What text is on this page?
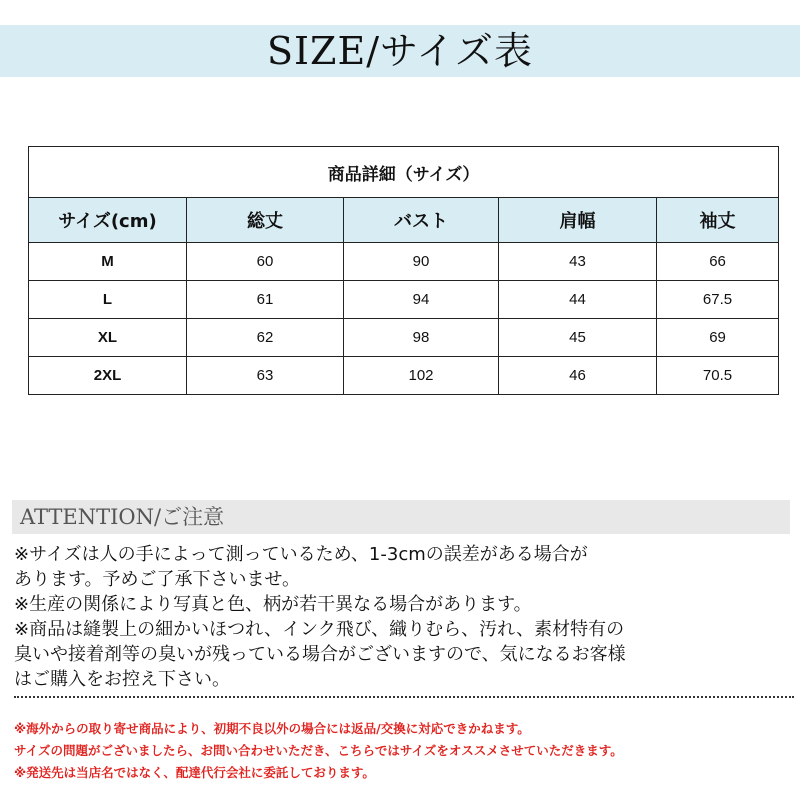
SIZE/サイズ表
商品詳細（サイズ）				
サイズ(cm)	総丈	バスト	肩幅	袖丈
M	60	90	43	66
L	61	94	44	67.5
XL	62	98	45	69
2XL	63	102	46	70.5
ATTENTION/ご注意

※サイズは人の手によって測っているため、1-3cmの誤差がある場合が

あります。予めご了承下さいませ。

※生産の関係により写真と色、柄が若干異なる場合があります。

※商品は縫製上の細かいほつれ、インク飛び、織りむら、汚れ、素材特有の

臭いや接着剤等の臭いが残っている場合がございますので、気になるお客様

はご購入をお控え下さい。

※海外からの取り寄せ商品により、初期不良以外の場合には返品/交換に対応できかねます。

サイズの問題がございましたら、お問い合わせいただき、こちらではサイズをオススメさせていただきます。

※発送先は当店名ではなく、配達代行会社に委託しております。
